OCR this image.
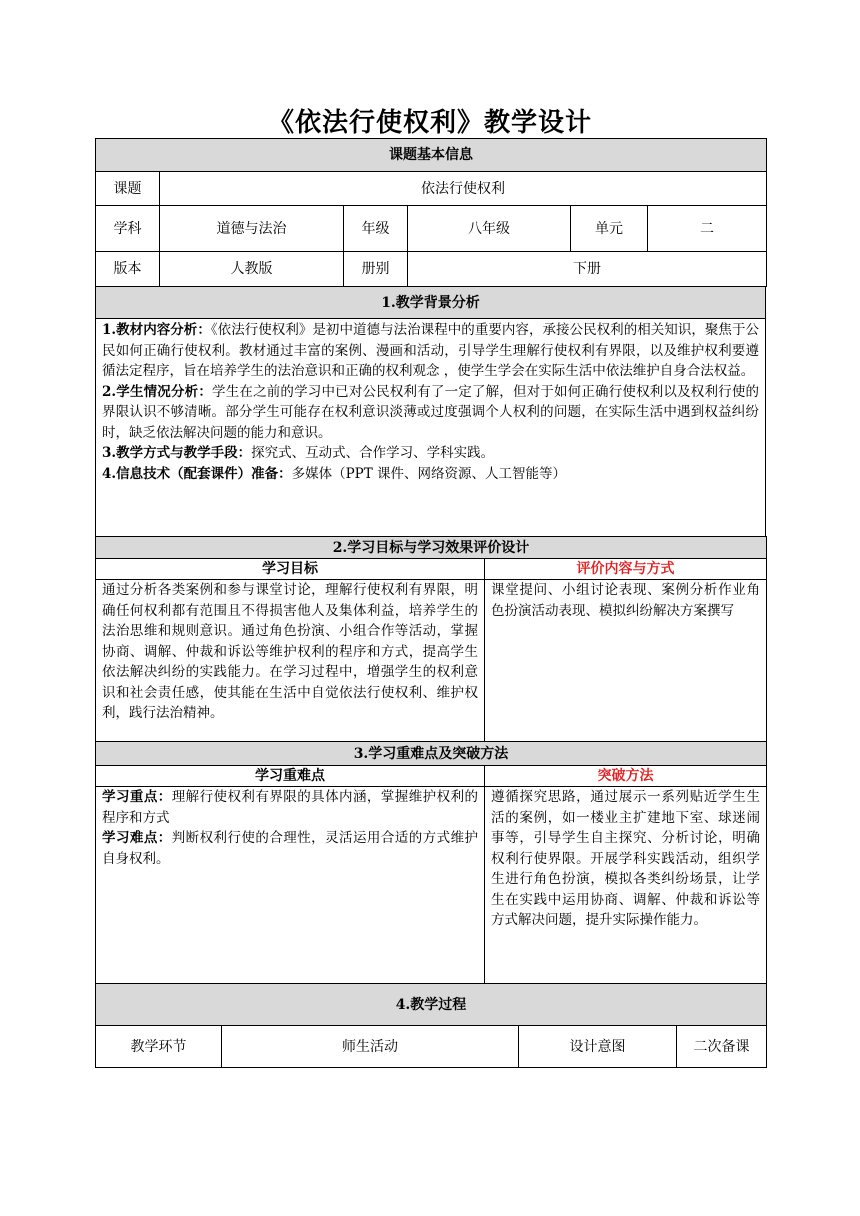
《依法行使权利》教学设计
课题基本信息					
课题	依法行使权利				
学科	道德与法治	年级	八年级	单元	二
版本	人教版	册别	下册		
1.教学背景分析

1.教材内容分析：《依法行使权利》是初中道德与法治课程中的重要内容，承接公民权利的相关知识，聚焦于公民如何正确行使权利。教材通过丰富的案例、漫画和活动，引导学生理解行使权利有界限，以及维护权利要遵循法定程序，旨在培养学生的法治意识和正确的权利观念 ，使学生学会在实际生活中依法维护自身合法权益。
2.学生情况分析：学生在之前的学习中已对公民权利有了一定了解，但对于如何正确行使权利以及权利行使的界限认识不够清晰。部分学生可能存在权利意识淡薄或过度强调个人权利的问题，在实际生活中遇到权益纠纷时，缺乏依法解决问题的能力和意识。
3.教学方式与教学手段：探究式、互动式、合作学习、学科实践。
4.信息技术（配套课件）准备：多媒体（PPT 课件、网络资源、人工智能等）
2.学习目标与学习效果评价设计	
学习目标	评价内容与方式
通过分析各类案例和参与课堂讨论，理解行使权利有界限，明确任何权利都有范围且不得损害他人及集体利益，培养学生的法治思维和规则意识。通过角色扮演、小组合作等活动，掌握协商、调解、仲裁和诉讼等维护权利的程序和方式，提高学生依法解决纠纷的实践能力。在学习过程中，增强学生的权利意识和社会责任感，使其能在生活中自觉依法行使权利、维护权利，践行法治精神。	课堂提问、小组讨论表现、案例分析作业角色扮演活动表现、模拟纠纷解决方案撰写
3.学习重难点及突破方法	
学习重难点	突破方法

学习重点：理解行使权利有界限的具体内涵，掌握维护权利的程序和方式
学习难点：判断权利行使的合理性，灵活运用合适的方式维护自身权利。	遵循探究思路，通过展示一系列贴近学生生活的案例，如一楼业主扩建地下室、球迷闹事等，引导学生自主探究、分析讨论，明确权利行使界限。开展学科实践活动，组织学生进行角色扮演，模拟各类纠纷场景，让学生在实践中运用协商、调解、仲裁和诉讼等方式解决问题，提升实际操作能力。
4.教学过程
教学环节	师生活动	设计意图	二次备课
